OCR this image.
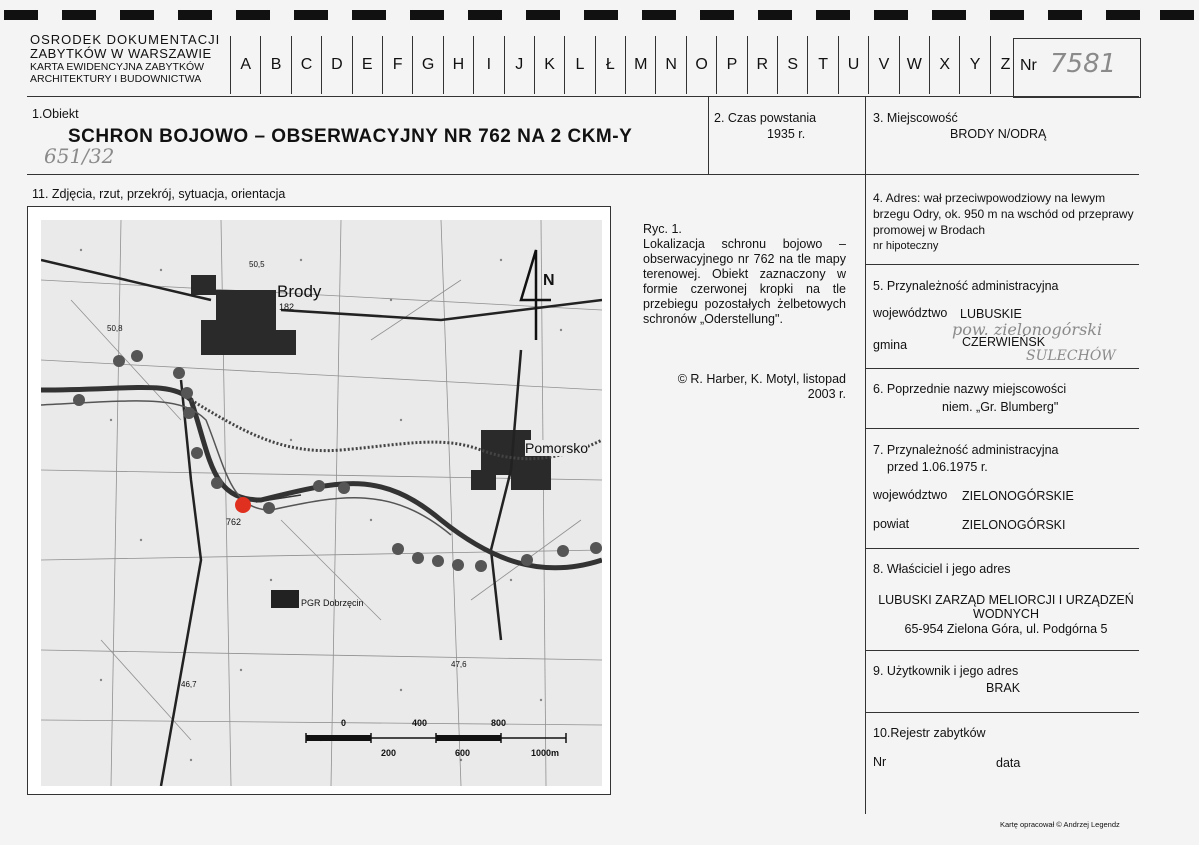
OSRODEK DOKUMENTACJI
ZABYTKÓW W WARSZAWIE
KARTA EWIDENCYJNA ZABYTKÓW
ARCHITEKTURY I BUDOWNICTWA
A	B	C	D	E	F	G	H	I	J	K	L	Ł	M	N	O	P	R	S	T	U	V	W	X	Y	Z Nr 7581
1.Obiekt
SCHRON BOJOWO – OBSERWACYJNY NR 762 NA 2 CKM-Y
651/32
2. Czas powstania
1935 r.
3. Miejscowość
BRODY N/ODRĄ
11. Zdjęcia, rzut, przekrój, sytuacja, orientacja
Brody
182
Pomorsko
PGR Dobrzęcin
762
N
50,5
50,8
46,7
47,6
0	400	800
200	600	1000m
Ryc. 1.
Lokalizacja schronu bojowo – obserwacyjnego nr 762 na tle mapy terenowej. Obiekt zaznaczony w formie czerwonej kropki na tle przebiegu pozostałych żelbetowych schronów „Oderstellung".
© R. Harber, K. Motyl, listopad
2003 r.
4. Adres: wał przeciwpowodziowy na lewym brzegu Odry, ok. 950 m na wschód od przeprawy promowej w Brodach
nr hipoteczny
5. Przynależność administracyjna
województwo LUBUSKIE
pow. zielonogórski
gmina	CZERWIEŃSK
SULECHÓW
6. Poprzednie nazwy miejscowości
niem. „Gr. Blumberg"
7. Przynależność administracyjna
przed 1.06.1975 r.
województwo ZIELONOGÓRSKIE
powiat	ZIELONOGÓRSKI
8. Właściciel i jego adres
LUBUSKI ZARZĄD MELIORCJI I URZĄDZEŃ
WODNYCH
65-954 Zielona Góra, ul. Podgórna 5
9. Użytkownik i jego adres
BRAK
10.Rejestr zabytków
Nr	data
Kartę opracował © Andrzej Legendz
